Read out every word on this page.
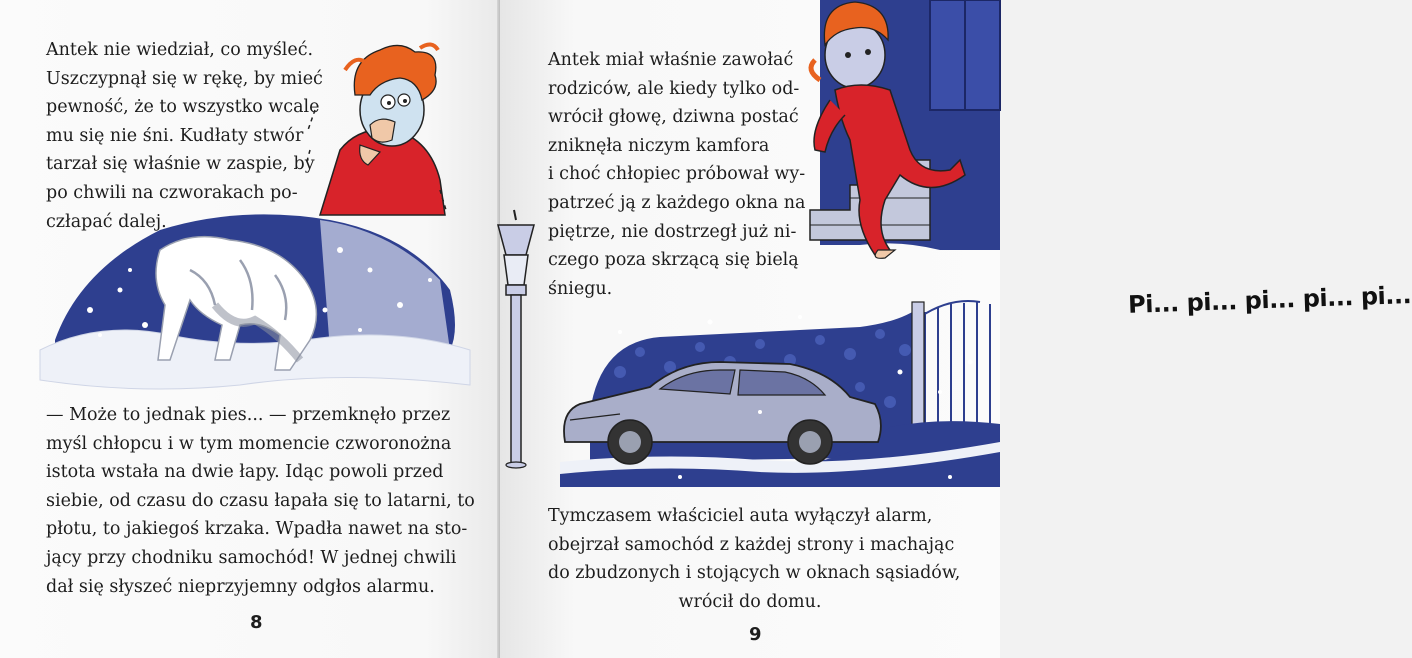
Antek nie wiedział, co myśleć.
Uszczypnął się w rękę, by mieć
pewność, że to wszystko wcale
mu się nie śni. Kudłaty stwór
tarzał się właśnie w zaspie, by
po chwili na czworakach po-
człapać dalej.
— Może to jednak pies... — przemknęło przez
myśl chłopcu i w tym momencie czworonożna
istota wstała na dwie łapy. Idąc powoli przed
siebie, od czasu do czasu łapała się to latarni, to
płotu, to jakiegoś krzaka. Wpadła nawet na sto-
jący przy chodniku samochód! W jednej chwili
dał się słyszeć nieprzyjemny odgłos alarmu.
8
Antek miał właśnie zawołać
rodziców, ale kiedy tylko od-
wrócił głowę, dziwna postać
zniknęła niczym kamfora
i choć chłopiec próbował wy-
patrzeć ją z każdego okna na
piętrze, nie dostrzegł już ni-
czego poza skrzącą się bielą
śniegu.	Pi... pi... pi... pi... pi...
Tymczasem właściciel auta wyłączył alarm,
obejrzał samochód z każdej strony i machając
do zbudzonych i stojących w oknach sąsiadów,
wrócił do domu.
9
